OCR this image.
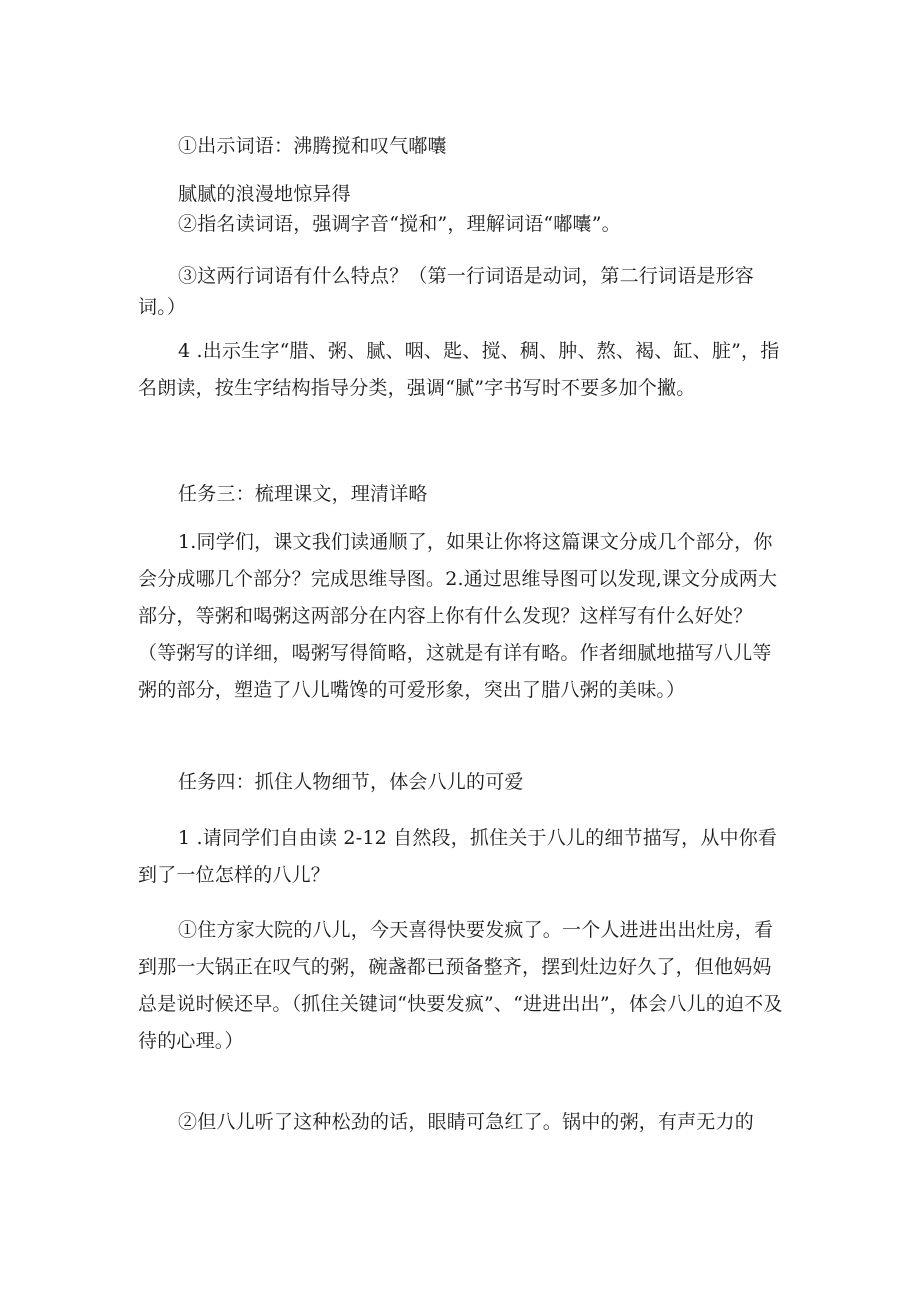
①出示词语：沸腾搅和叹气嘟囔

腻腻的浪漫地惊异得

②指名读词语，强调字音“搅和”，理解词语“嘟囔”。

③这两行词语有什么特点？（第一行词语是动词，第二行词语是形容词。）

4 .出示生字“腊、粥、腻、咽、匙、搅、稠、肿、熬、褐、缸、脏”，指名朗读，按生字结构指导分类，强调“腻”字书写时不要多加个撇。

任务三：梳理课文，理清详略

1.同学们，课文我们读通顺了，如果让你将这篇课文分成几个部分，你会分成哪几个部分？完成思维导图。2.通过思维导图可以发现,课文分成两大部分，等粥和喝粥这两部分在内容上你有什么发现？这样写有什么好处？（等粥写的详细，喝粥写得简略，这就是有详有略。作者细腻地描写八儿等粥的部分，塑造了八儿嘴馋的可爱形象，突出了腊八粥的美味。）

任务四：抓住人物细节，体会八儿的可爱

1 .请同学们自由读 2-12 自然段，抓住关于八儿的细节描写，从中你看到了一位怎样的八儿？

①住方家大院的八儿，今天喜得快要发疯了。一个人进进出出灶房，看到那一大锅正在叹气的粥，碗盏都已预备整齐，摆到灶边好久了，但他妈妈总是说时候还早。（抓住关键词“快要发疯”、“进进出出”，体会八儿的迫不及待的心理。）

②但八儿听了这种松劲的话，眼睛可急红了。锅中的粥，有声无力的
